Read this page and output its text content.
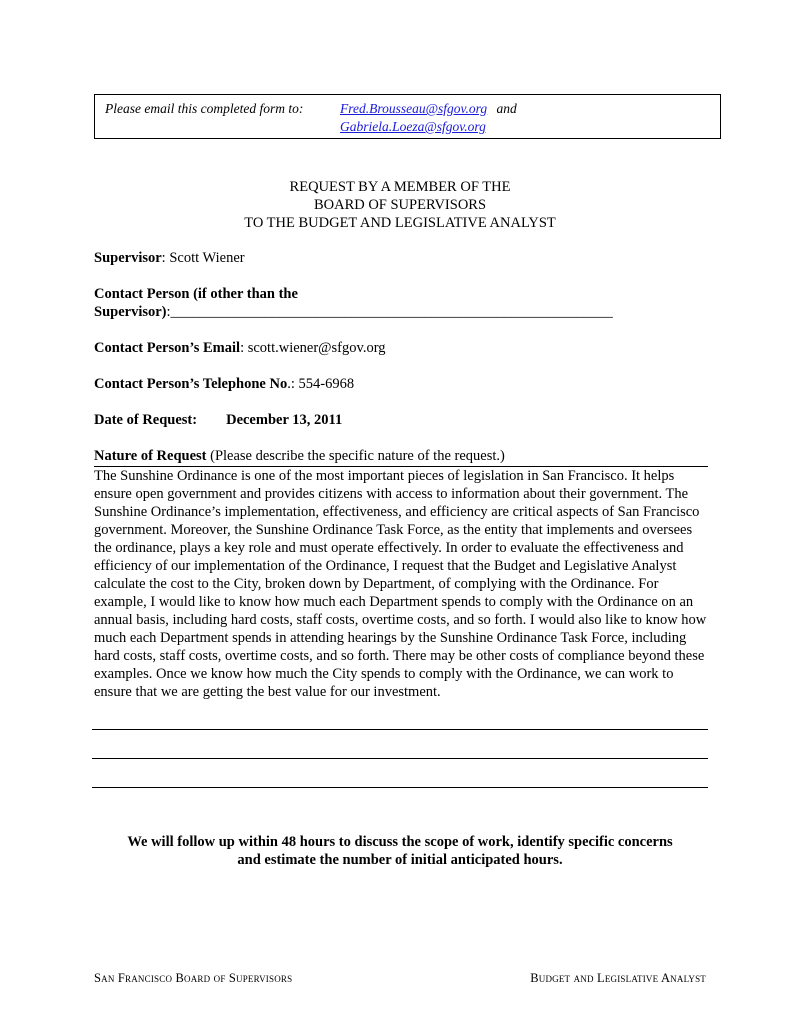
Please email this completed form to:	Fred.Brousseau@sfgov.org and
Gabriela.Loeza@sfgov.org
REQUEST BY A MEMBER OF THE
BOARD OF SUPERVISORS
TO THE BUDGET AND LEGISLATIVE ANALYST
Supervisor: Scott Wiener
Contact Person (if other than the
Supervisor):_____________________________________________________________
Contact Person’s Email: scott.wiener@sfgov.org
Contact Person’s Telephone No.: 554-6968
Date of Request: December 13, 2011
Nature of Request (Please describe the specific nature of the request.)
The Sunshine Ordinance is one of the most important pieces of legislation in San Francisco. It helps ensure open government and provides citizens with access to information about their government. The Sunshine Ordinance’s implementation, effectiveness, and efficiency are critical aspects of San Francisco government. Moreover, the Sunshine Ordinance Task Force, as the entity that implements and oversees the ordinance, plays a key role and must operate effectively. In order to evaluate the effectiveness and efficiency of our implementation of the Ordinance, I request that the Budget and Legislative Analyst calculate the cost to the City, broken down by Department, of complying with the Ordinance. For example, I would like to know how much each Department spends to comply with the Ordinance on an annual basis, including hard costs, staff costs, overtime costs, and so forth. I would also like to know how much each Department spends in attending hearings by the Sunshine Ordinance Task Force, including hard costs, staff costs, overtime costs, and so forth. There may be other costs of compliance beyond these examples. Once we know how much the City spends to comply with the Ordinance, we can work to ensure that we are getting the best value for our investment.
We will follow up within 48 hours to discuss the scope of work, identify specific concerns
and estimate the number of initial anticipated hours.
San Francisco Board of Supervisors	Budget and Legislative Analyst
